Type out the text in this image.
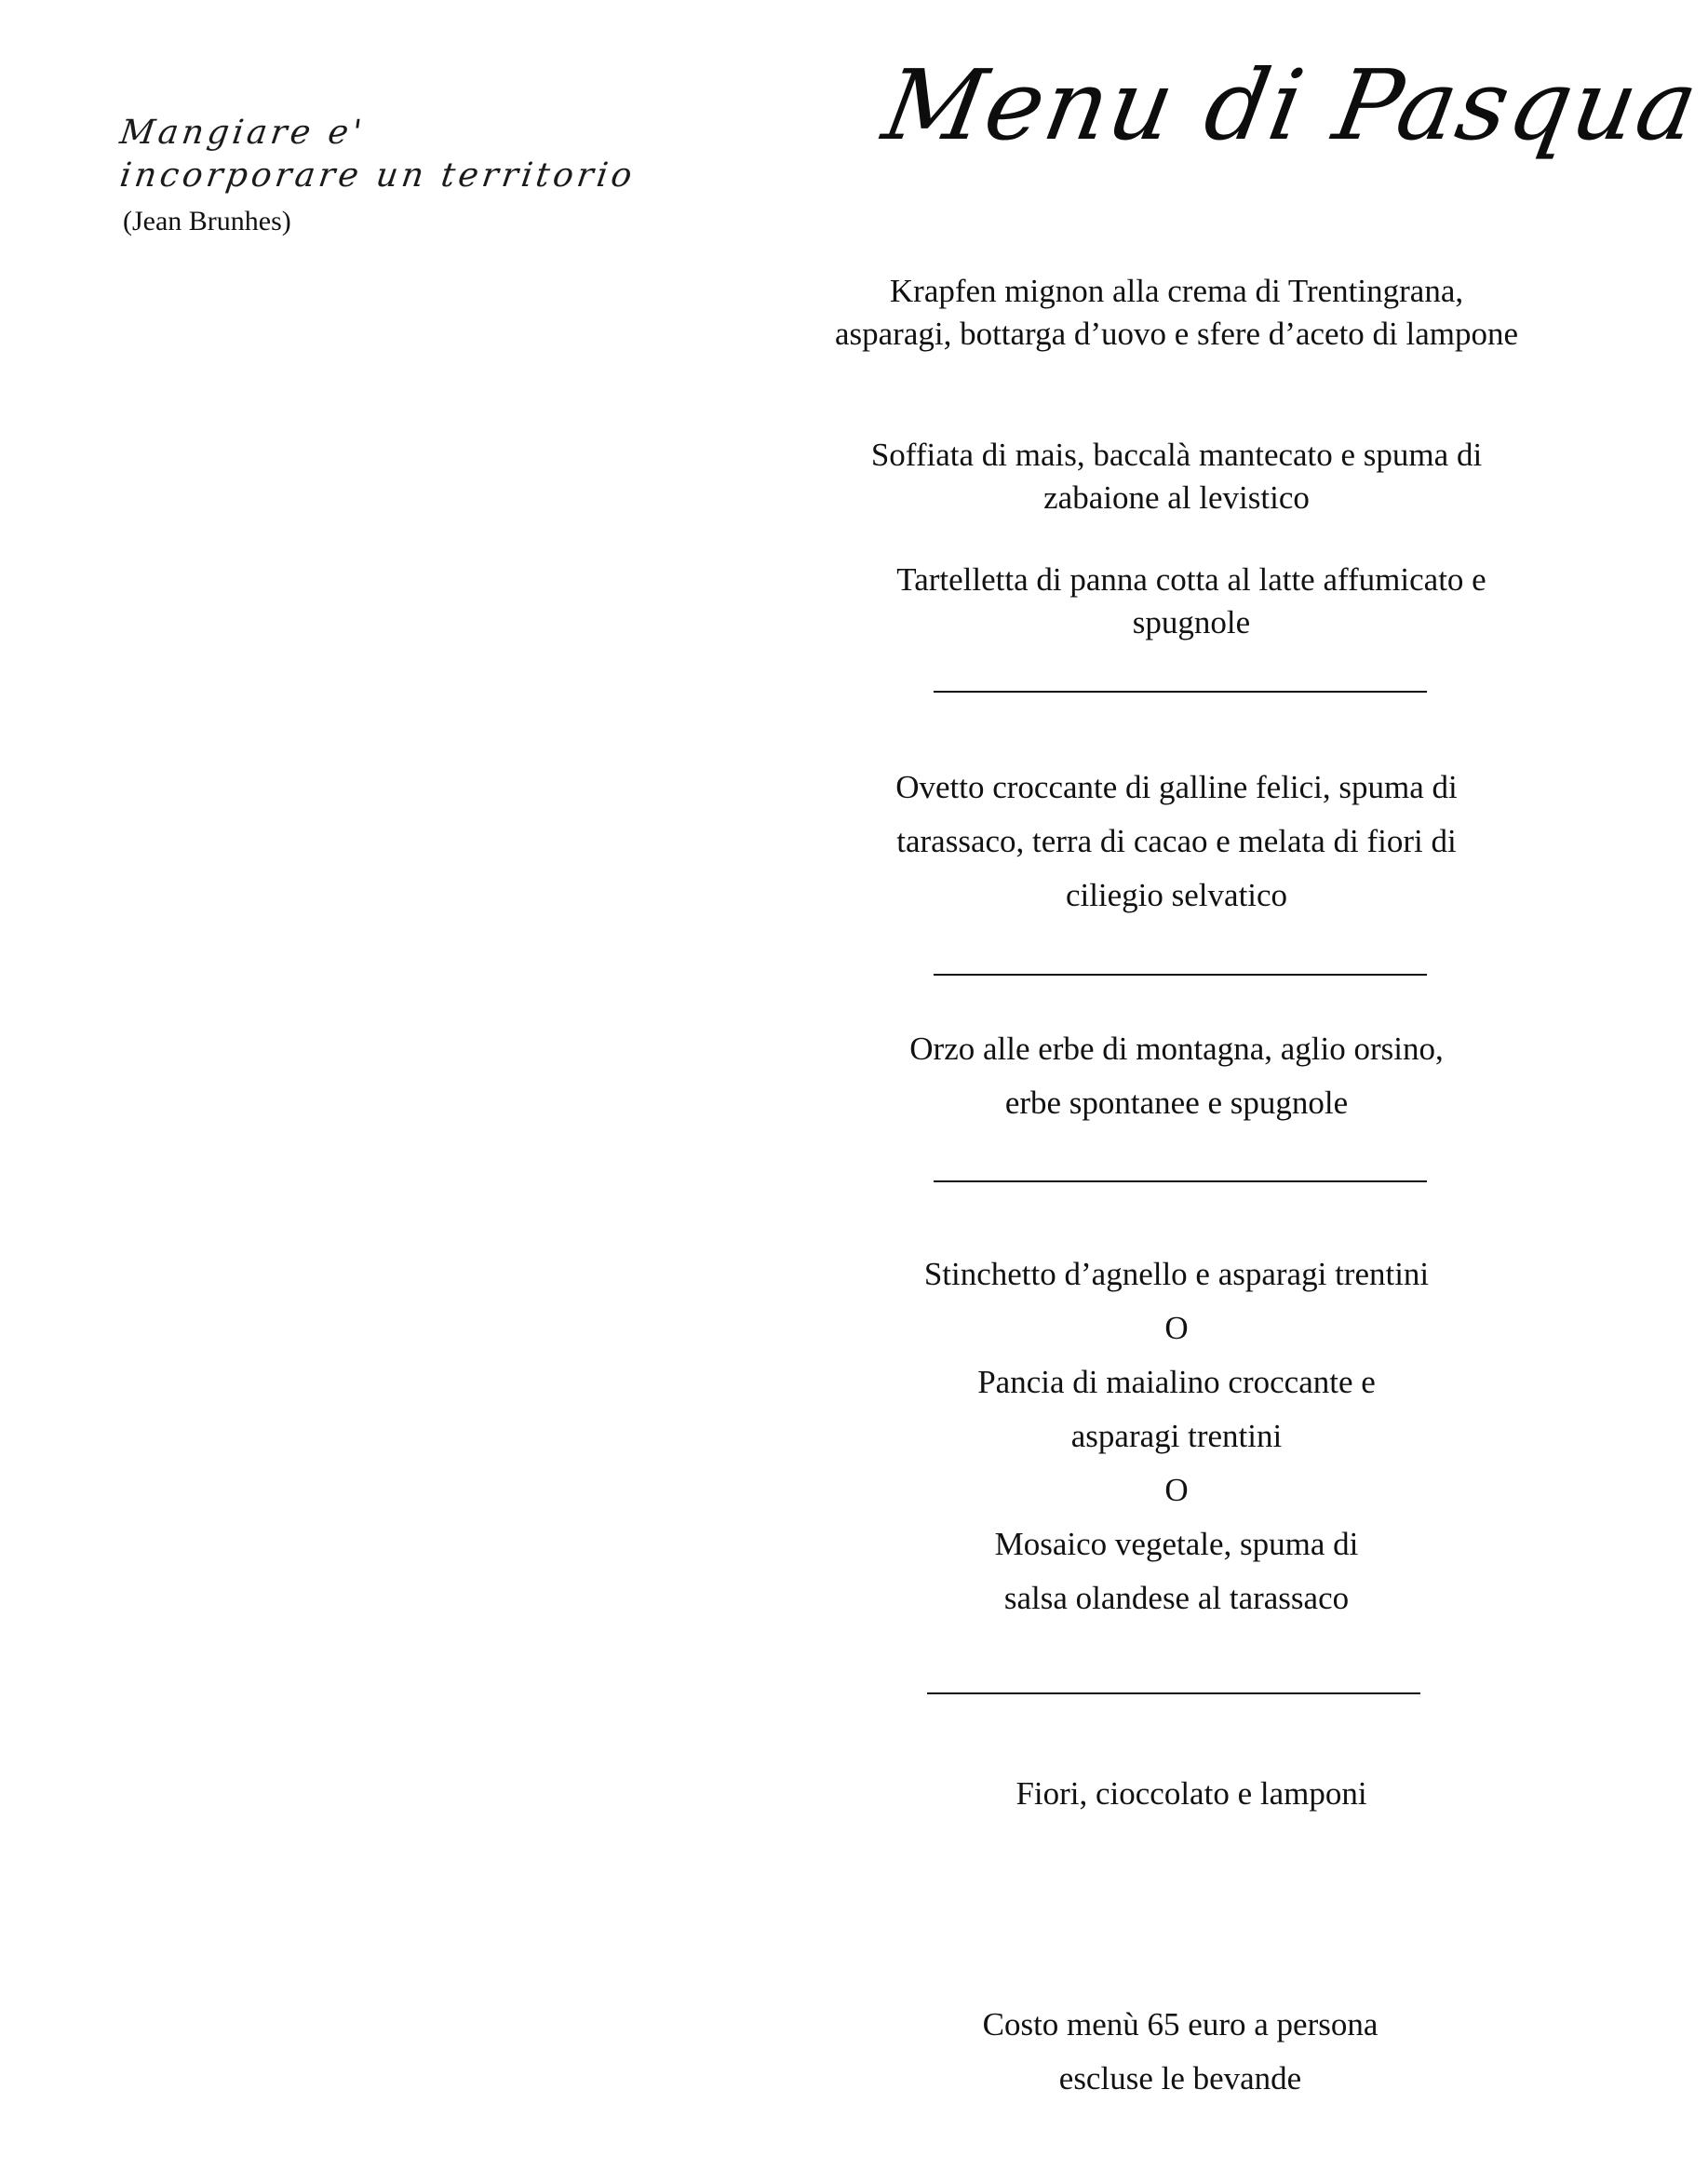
Mangiare e'
incorporare un territorio
(Jean Brunhes)
Menu di Pasqua

Krapfen mignon alla crema di Trentingrana, asparagi, bottarga d’uovo e sfere d’aceto di lampone

Soffiata di mais, baccalà mantecato e spuma di zabaione al levistico

Tartelletta di panna cotta al latte affumicato e spugnole

Ovetto croccante di galline felici, spuma di tarassaco, terra di cacao e melata di fiori di ciliegio selvatico

Orzo alle erbe di montagna, aglio orsino, erbe spontanee e spugnole

Stinchetto d’agnello e asparagi trentini

O

Pancia di maialino croccante e asparagi trentini

O

Mosaico vegetale, spuma di salsa olandese al tarassaco

Fiori, cioccolato e lamponi

Costo menù 65 euro a persona

escluse le bevande
